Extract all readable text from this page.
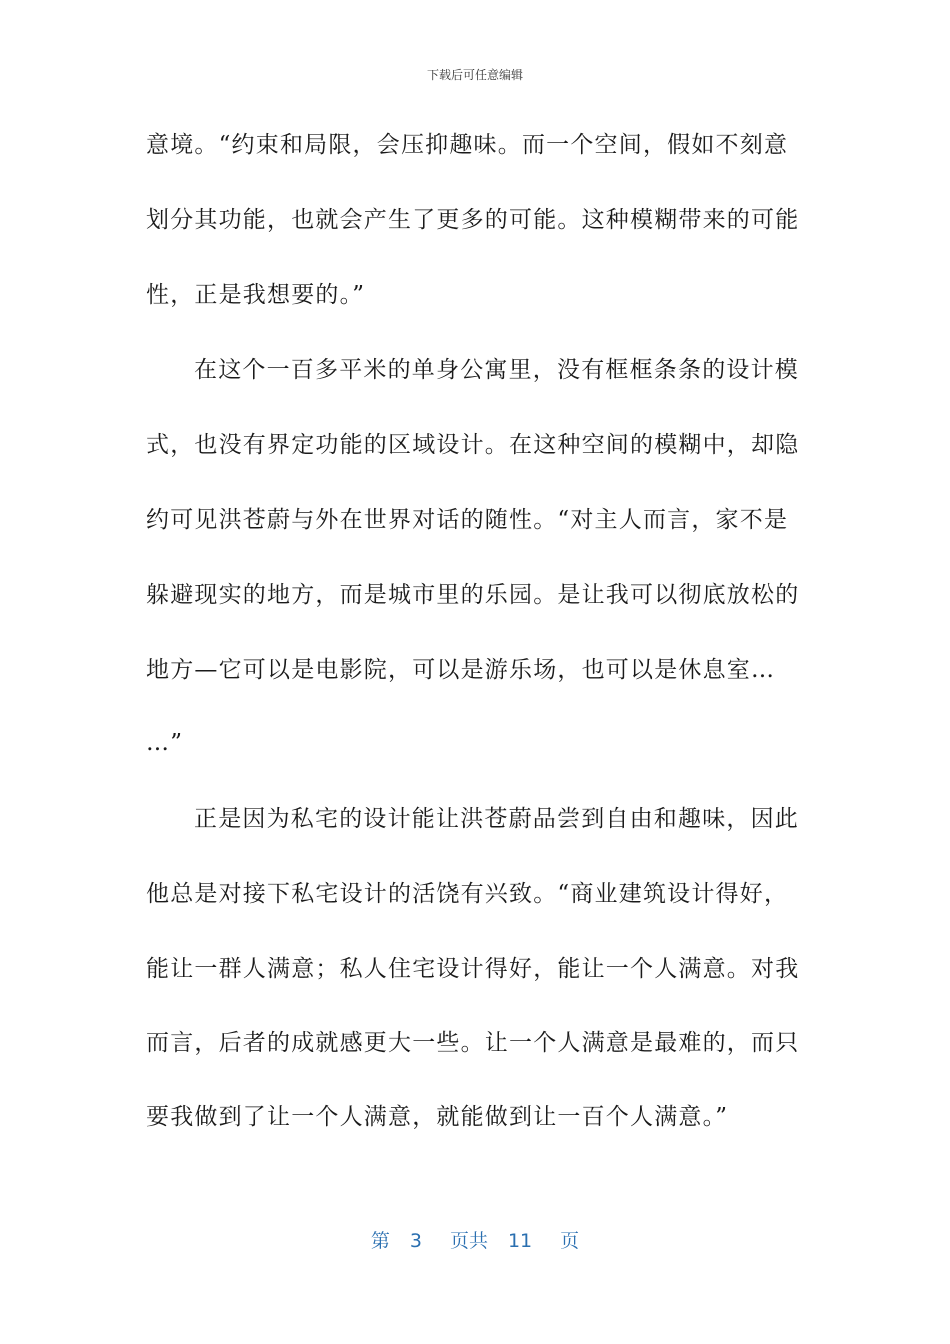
下载后可任意编辑
意境。“约束和局限，会压抑趣味。而一个空间，假如不刻意
划分其功能，也就会产生了更多的可能。这种模糊带来的可能
性，正是我想要的。”
在这个一百多平米的单身公寓里，没有框框条条的设计模
式，也没有界定功能的区域设计。在这种空间的模糊中，却隐
约可见洪苍蔚与外在世界对话的随性。“对主人而言，家不是
躲避现实的地方，而是城市里的乐园。是让我可以彻底放松的
地方—它可以是电影院，可以是游乐场，也可以是休息室…
…”
正是因为私宅的设计能让洪苍蔚品尝到自由和趣味，因此
他总是对接下私宅设计的活饶有兴致。“商业建筑设计得好，
能让一群人满意；私人住宅设计得好，能让一个人满意。对我
而言，后者的成就感更大一些。让一个人满意是最难的，而只
要我做到了让一个人满意，就能做到让一百个人满意。”
第 3 页共 11 页
